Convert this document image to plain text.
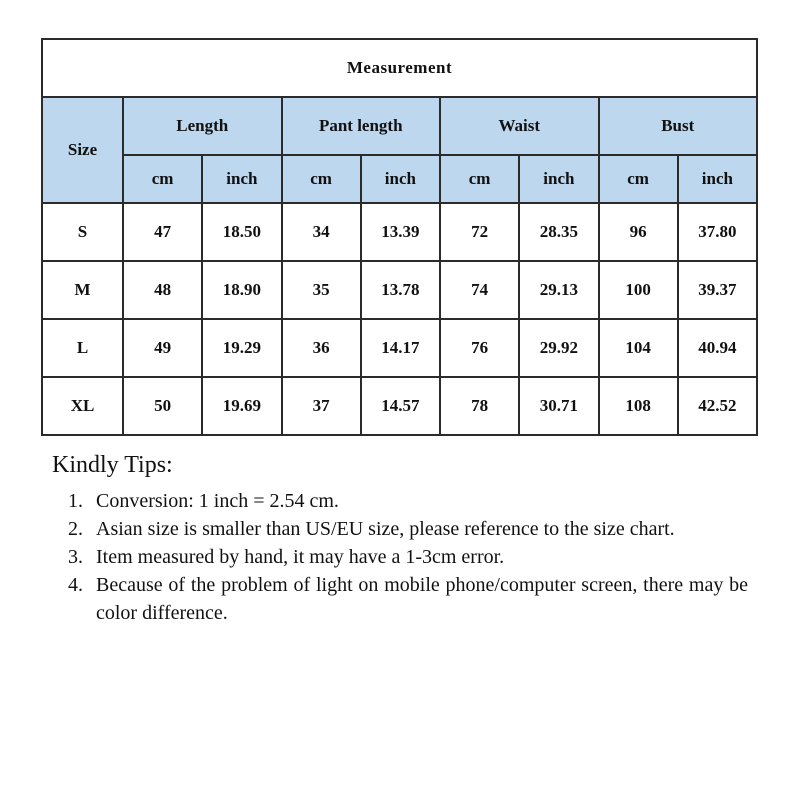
Measurement								
Size	Length		Pant length		Waist		Bust	
	cm	inch	cm	inch	cm	inch	cm	inch
S	47	18.50	34	13.39	72	28.35	96	37.80
M	48	18.90	35	13.78	74	29.13	100	39.37
L	49	19.29	36	14.17	76	29.92	104	40.94
XL	50	19.69	37	14.57	78	30.71	108	42.52
Kindly Tips:
1. Conversion: 1 inch = 2.54 cm.
2. Asian size is smaller than US/EU size, please reference to the size chart.
3. Item measured by hand, it may have a 1-3cm error.
4. Because of the problem of light on mobile phone/computer screen, there may be color difference.
